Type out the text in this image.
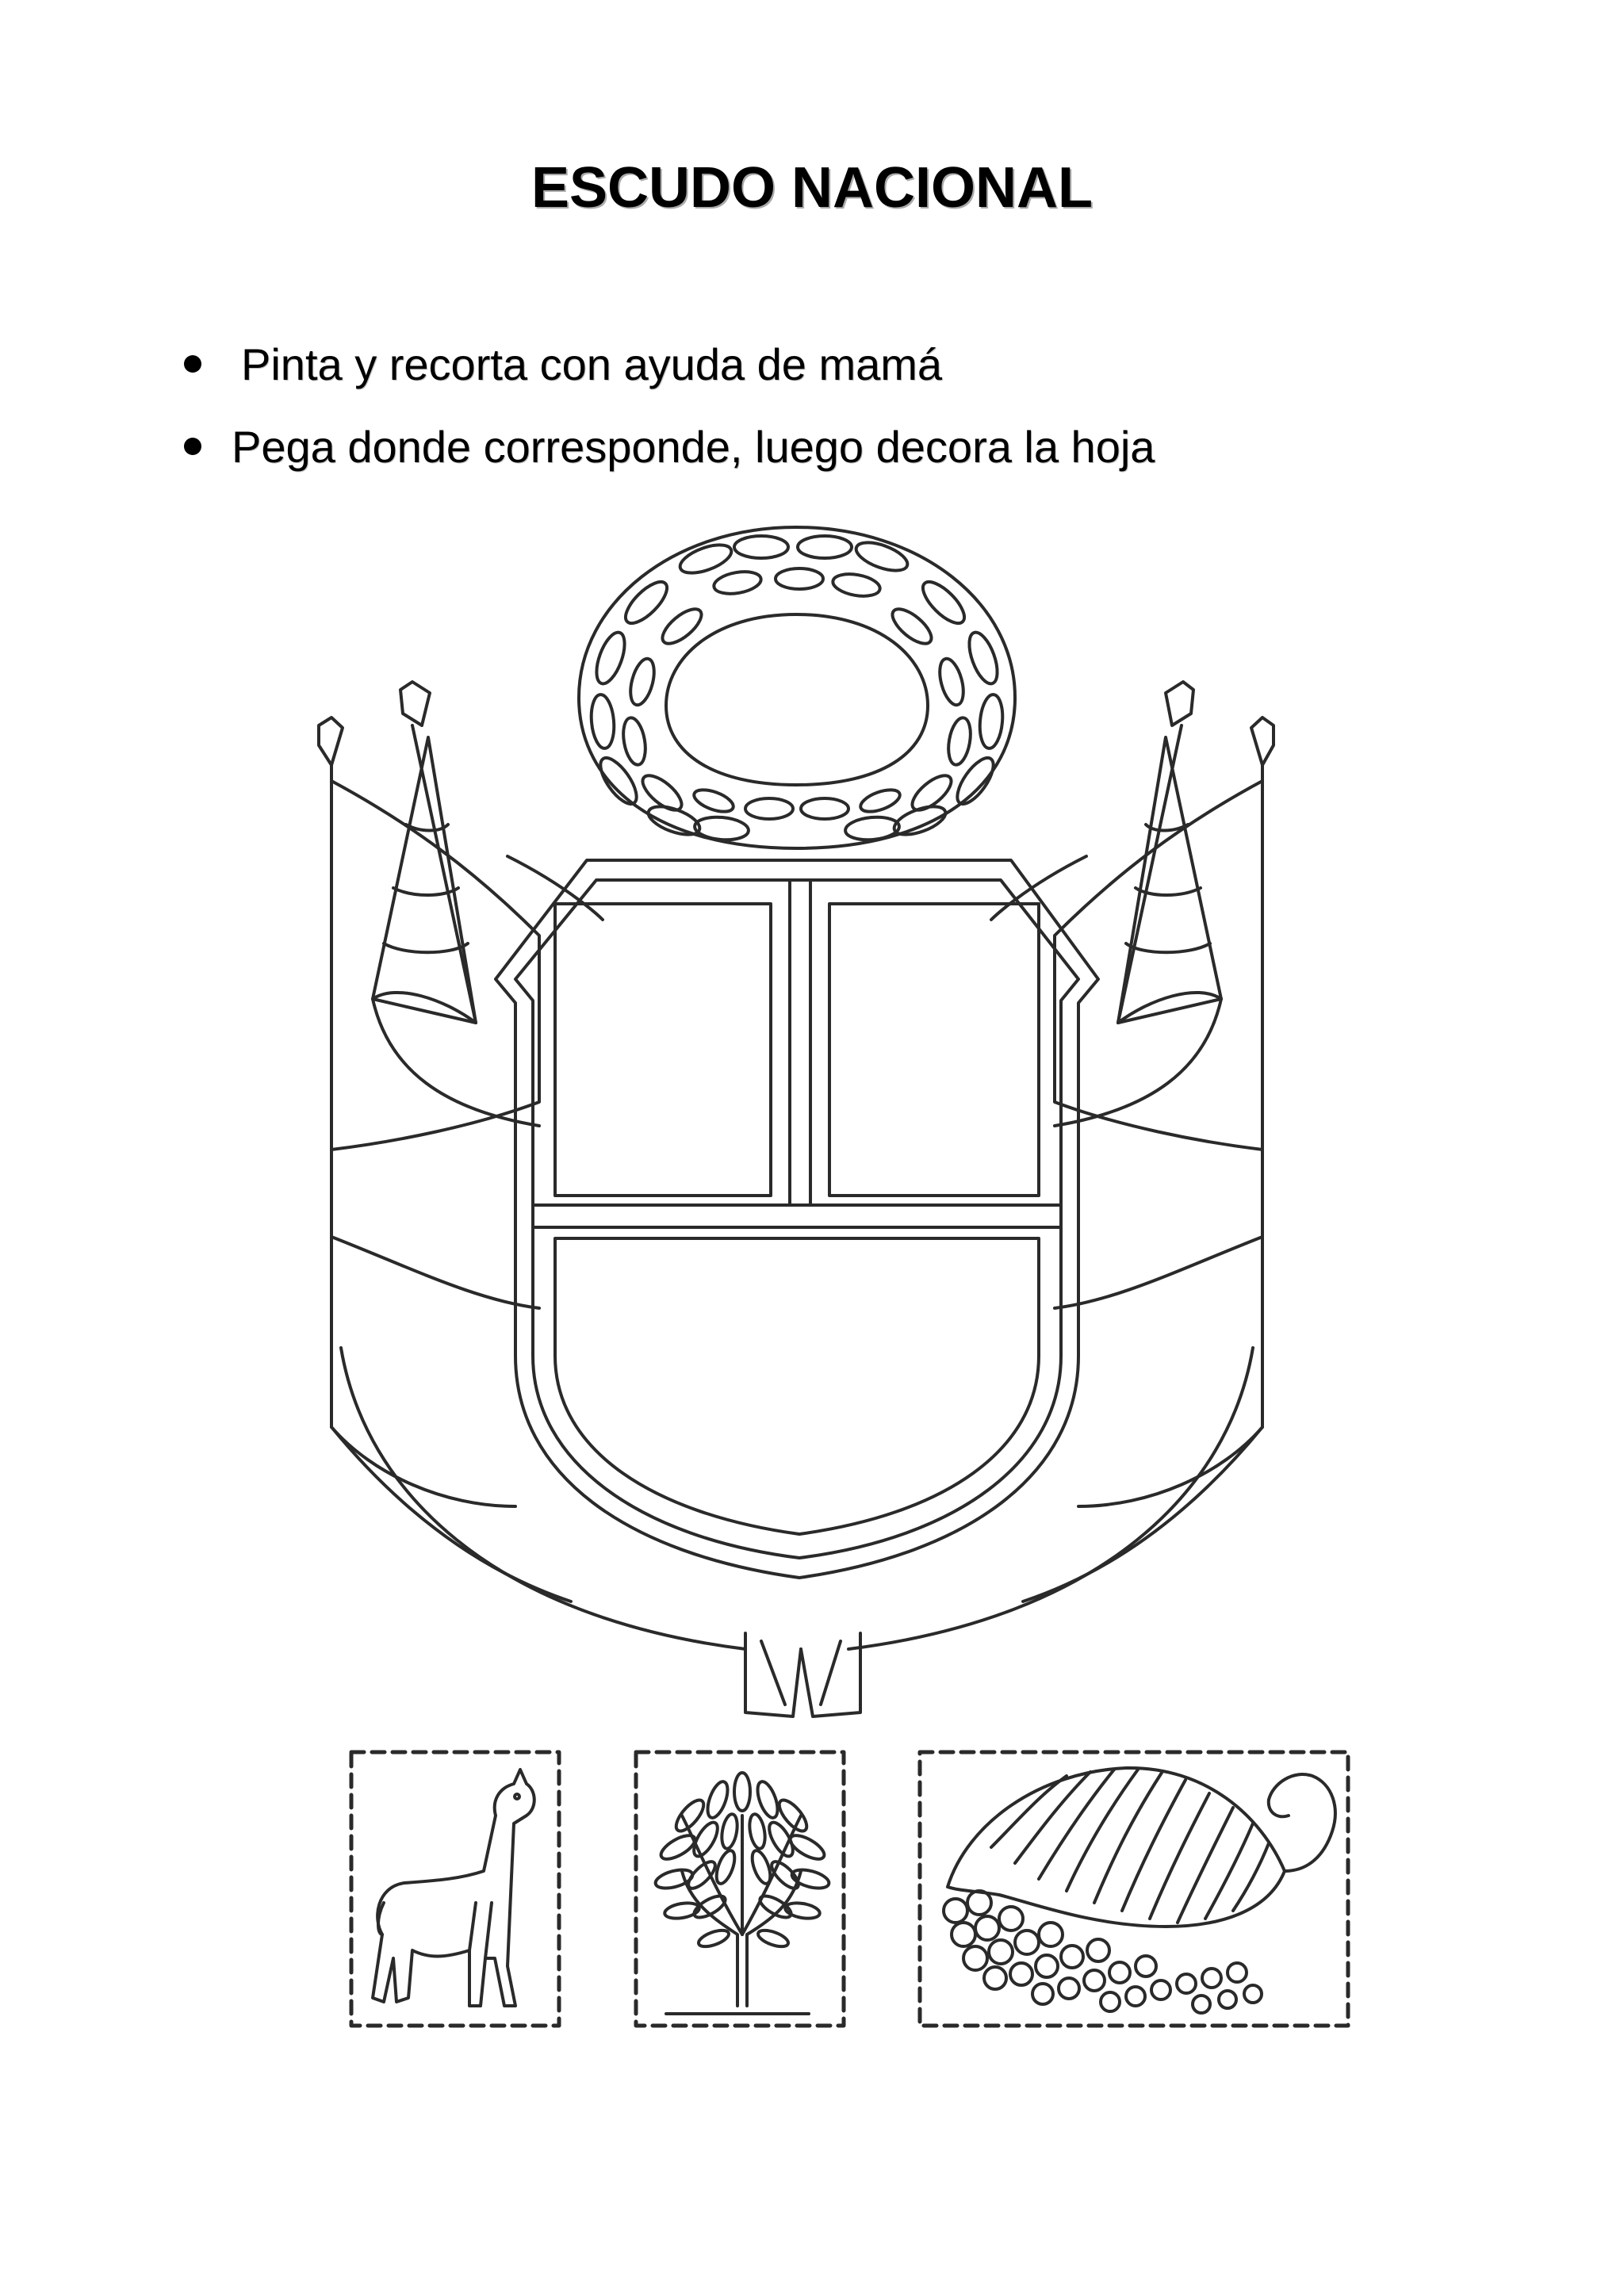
ESCUDO NACIONAL
Pinta y recorta con ayuda de mamá
Pega donde corresponde, luego decora la hoja
